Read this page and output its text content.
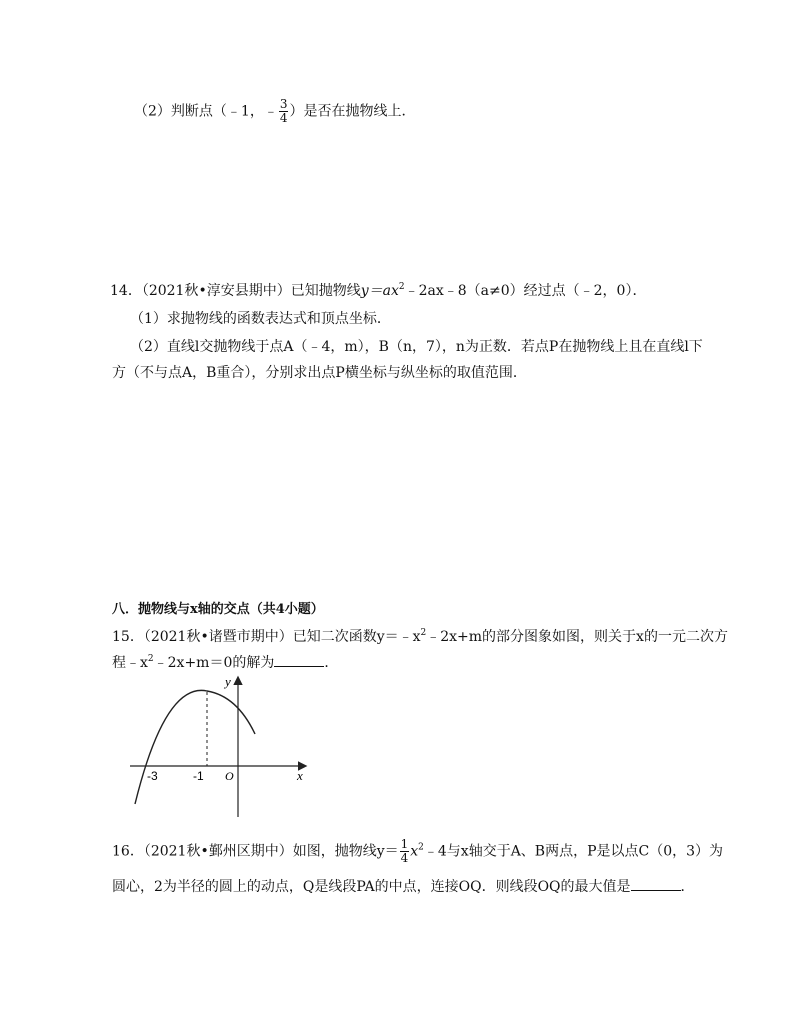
（2）判断点（﹣1，﹣ $\frac{3}{4}$ ）是否在抛物线上．
14．（2021秋•淳安县期中）已知抛物线$y=ax^2﹣2ax﹣8(a\ne 0)$经过点（﹣2，0）．
（1）求抛物线的函数表达式和顶点坐标．
（2）直线l交抛物线于点A（﹣4，m），B（n，7），n为正数．若点P在抛物线上且在直线l下
方（不与点A，B重合），分别求出点P横坐标与纵坐标的取值范围．
八．抛物线与x轴的交点（共4小题）
15．（2021秋•诸暨市期中）已知二次函数$y=﹣x^2﹣2x+m$的部分图象如图，则关于x的一元二次方
程$﹣x^2﹣2x+m=0$的解为	．
y
x
-3	-1 O
16．（2021秋•鄞州区期中）如图，抛物线$y= \frac{1}{4}$ $x^2﹣4$与x轴交于A、B两点，P是以点C（0，3）为
圆心，2为半径的圆上的动点，Q是线段PA的中点，连接OQ．则线段OQ的最大值是	．
